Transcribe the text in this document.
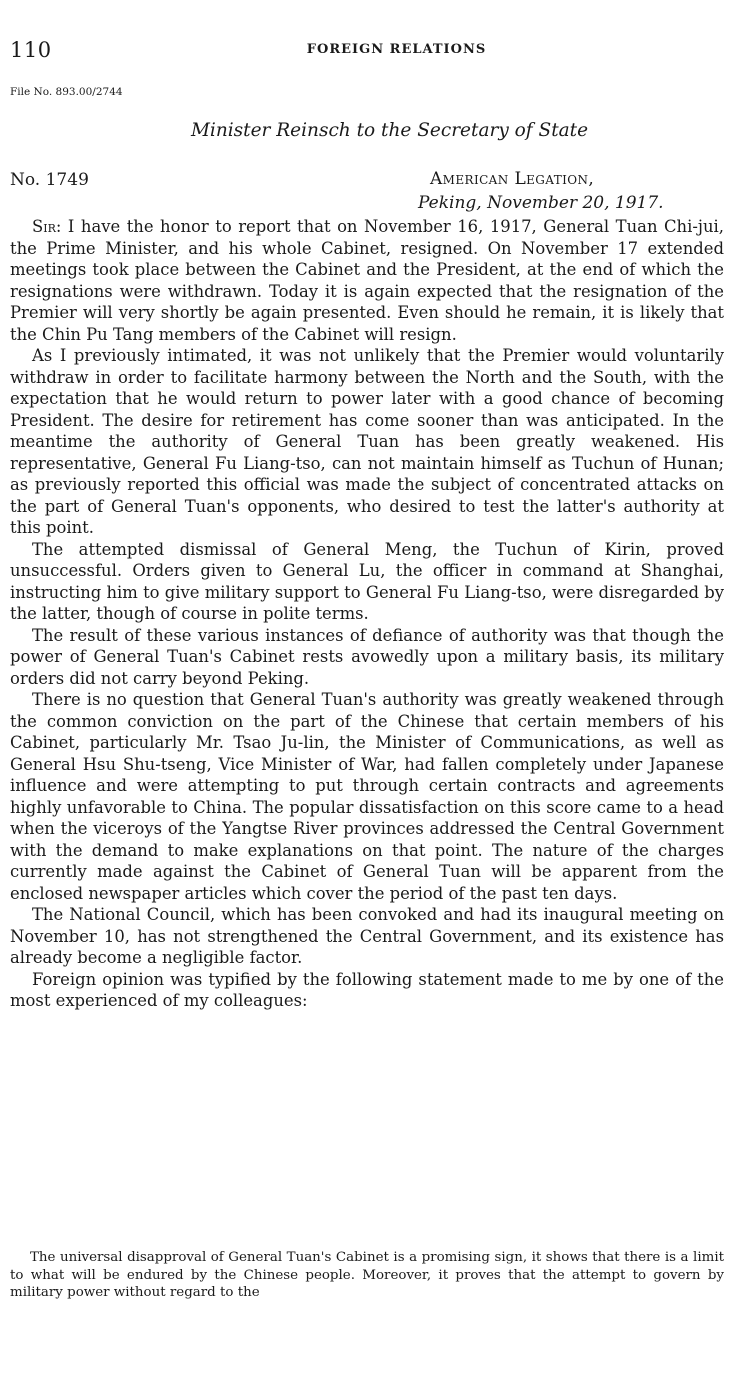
110	FOREIGN RELATIONS
File No. 893.00/2744
Minister Reinsch to the Secretary of State
No. 1749	American Legation,
Peking, November 20, 1917.

Sir: I have the honor to report that on November 16, 1917, General Tuan Chi-jui, the Prime Minister, and his whole Cabinet, resigned. On November 17 extended meetings took place between the Cabinet and the President, at the end of which the resignations were withdrawn. Today it is again expected that the resignation of the Premier will very shortly be again presented. Even should he remain, it is likely that the Chin Pu Tang members of the Cabinet will resign.

As I previously intimated, it was not unlikely that the Premier would voluntarily withdraw in order to facilitate harmony between the North and the South, with the expectation that he would return to power later with a good chance of becoming President. The desire for retirement has come sooner than was anticipated. In the meantime the authority of General Tuan has been greatly weakened. His representative, General Fu Liang-tso, can not maintain himself as Tuchun of Hunan; as previously reported this official was made the subject of concentrated attacks on the part of General Tuan's opponents, who desired to test the latter's authority at this point.

The attempted dismissal of General Meng, the Tuchun of Kirin, proved unsuccessful. Orders given to General Lu, the officer in command at Shanghai, instructing him to give military support to General Fu Liang-tso, were disregarded by the latter, though of course in polite terms.

The result of these various instances of defiance of authority was that though the power of General Tuan's Cabinet rests avowedly upon a military basis, its military orders did not carry beyond Peking.

There is no question that General Tuan's authority was greatly weakened through the common conviction on the part of the Chinese that certain members of his Cabinet, particularly Mr. Tsao Ju-lin, the Minister of Communications, as well as General Hsu Shu-tseng, Vice Minister of War, had fallen completely under Japanese influence and were attempting to put through certain contracts and agreements highly unfavorable to China. The popular dissatisfaction on this score came to a head when the viceroys of the Yangtse River provinces addressed the Central Government with the demand to make explanations on that point. The nature of the charges currently made against the Cabinet of General Tuan will be apparent from the enclosed newspaper articles which cover the period of the past ten days.

The National Council, which has been convoked and had its inaugural meeting on November 10, has not strengthened the Central Government, and its existence has already become a negligible factor.

Foreign opinion was typified by the following statement made to me by one of the most experienced of my colleagues:

The universal disapproval of General Tuan's Cabinet is a promising sign, it shows that there is a limit to what will be endured by the Chinese people. Moreover, it proves that the attempt to govern by military power without regard to the
